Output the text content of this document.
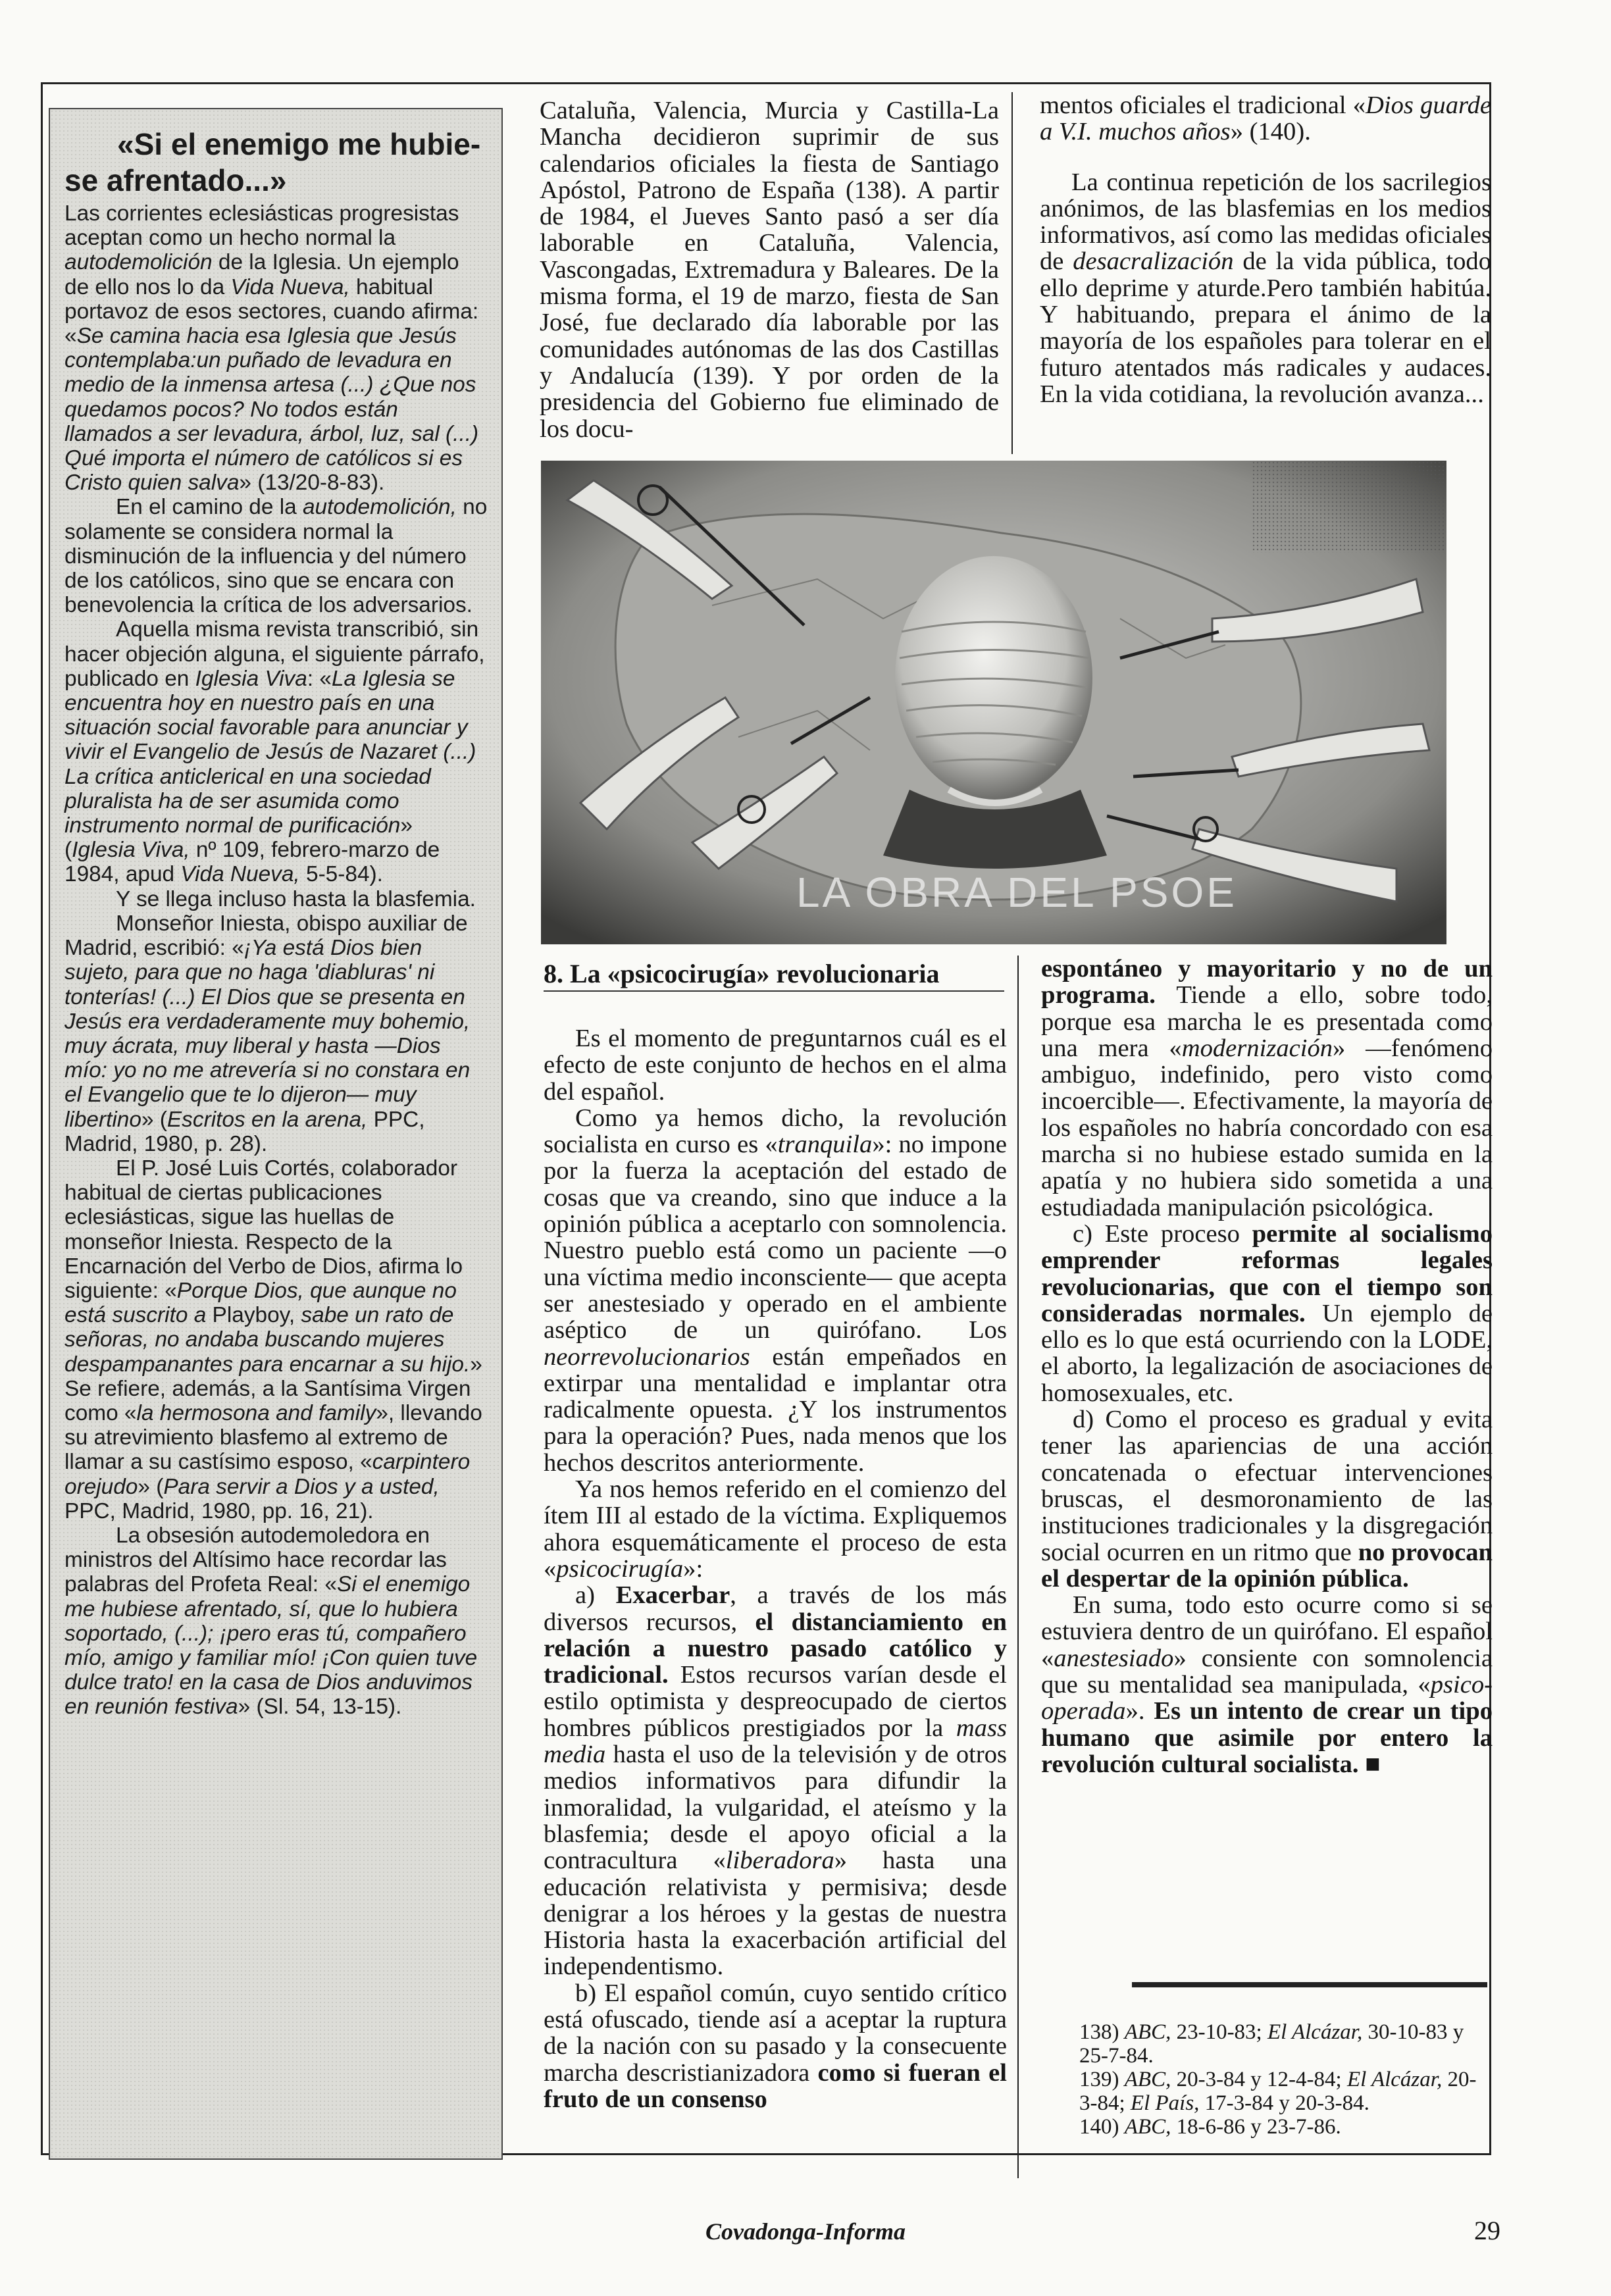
«Si el enemigo me hubie- se afrentado...»

Las corrientes eclesiásticas progresistas aceptan como un hecho normal la autodemolición de la Iglesia. Un ejemplo de ello nos lo da Vida Nueva, habitual portavoz de esos sectores, cuando afirma: «Se camina hacia esa Iglesia que Jesús contemplaba:un puñado de levadura en medio de la inmensa artesa (...) ¿Que nos quedamos pocos? No todos están llamados a ser levadura, árbol, luz, sal (...) Qué importa el número de católicos si es Cristo quien salva» (13/20-8-83).

En el camino de la autodemolición, no solamente se considera normal la disminución de la influencia y del número de los católicos, sino que se encara con benevolencia la crítica de los adversarios.

Aquella misma revista transcribió, sin hacer objeción alguna, el siguiente párrafo, publicado en Iglesia Viva: «La Iglesia se encuentra hoy en nuestro país en una situación social favorable para anunciar y vivir el Evangelio de Jesús de Nazaret (...) La crítica anticlerical en una sociedad pluralista ha de ser asumida como instrumento normal de purificación» (Iglesia Viva, nº 109, febrero-marzo de 1984, apud Vida Nueva, 5-5-84).

Y se llega incluso hasta la blasfemia.

Monseñor Iniesta, obispo auxiliar de Madrid, escribió: «¡Ya está Dios bien sujeto, para que no haga 'diabluras' ni tonterías! (...) El Dios que se presenta en Jesús era verdaderamente muy bohemio, muy ácrata, muy liberal y hasta —Dios mío: yo no me atrevería si no constara en el Evangelio que te lo dijeron— muy libertino» (Escritos en la arena, PPC, Madrid, 1980, p. 28).

El P. José Luis Cortés, colaborador habitual de ciertas publicaciones eclesiásticas, sigue las huellas de monseñor Iniesta. Respecto de la Encarnación del Verbo de Dios, afirma lo siguiente: «Porque Dios, que aunque no está suscrito a Playboy, sabe un rato de señoras, no andaba buscando mujeres despampanantes para encarnar a su hijo.» Se refiere, además, a la Santísima Virgen como «la hermosona and family», llevando su atrevimiento blasfemo al extremo de llamar a su castísimo esposo, «carpintero orejudo» (Para servir a Dios y a usted, PPC, Madrid, 1980, pp. 16, 21).

La obsesión autodemoledora en ministros del Altísimo hace recordar las palabras del Profeta Real: «Si el enemigo me hubiese afrentado, sí, que lo hubiera soportado, (...); ¡pero eras tú, compañero mío, amigo y familiar mío! ¡Con quien tuve dulce trato! en la casa de Dios anduvimos en reunión festiva» (Sl. 54, 13-15).

Cataluña, Valencia, Murcia y Castilla-La Mancha decidieron suprimir de sus calendarios oficiales la fiesta de Santiago Apóstol, Patrono de España (138). A partir de 1984, el Jueves Santo pasó a ser día laborable en Cataluña, Valencia, Vascongadas, Extremadura y Baleares. De la misma forma, el 19 de marzo, fiesta de San José, fue declarado día laborable por las comunidades autónomas de las dos Castillas y Andalucía (139). Y por orden de la presidencia del Gobierno fue eliminado de los docu-

mentos oficiales el tradicional «Dios guarde a V.I. muchos años» (140).

La continua repetición de los sacrilegios anónimos, de las blasfemias en los medios informativos, así como las medidas oficiales de desacralización de la vida pública, todo ello deprime y aturde.Pero también habitúa. Y habituando, prepara el ánimo de la mayoría de los españoles para tolerar en el futuro atentados más radicales y audaces. En la vida cotidiana, la revolución avanza...

LA OBRA DEL PSOE
8. La «psicocirugía» revolucionaria

Es el momento de preguntarnos cuál es el efecto de este conjunto de hechos en el alma del español.

Como ya hemos dicho, la revolución socialista en curso es «tranquila»: no impone por la fuerza la aceptación del estado de cosas que va creando, sino que induce a la opinión pública a aceptarlo con somnolencia. Nuestro pueblo está como un paciente —o una víctima medio inconsciente— que acepta ser anestesiado y operado en el ambiente aséptico de un quirófano. Los neorrevolucionarios están empeñados en extirpar una mentalidad e implantar otra radicalmente opuesta. ¿Y los instrumentos para la operación? Pues, nada menos que los hechos descritos anteriormente.

Ya nos hemos referido en el comienzo del ítem III al estado de la víctima. Expliquemos ahora esquemáticamente el proceso de esta «psicocirugía»:

a) Exacerbar, a través de los más diversos recursos, el distanciamiento en relación a nuestro pasado católico y tradicional. Estos recursos varían desde el estilo optimista y despreocupado de ciertos hombres públicos prestigiados por la mass media hasta el uso de la televisión y de otros medios informativos para difundir la inmoralidad, la vulgaridad, el ateísmo y la blasfemia; desde el apoyo oficial a la contracultura «liberadora» hasta una educación relativista y permisiva; desde denigrar a los héroes y la gestas de nuestra Historia hasta la exacerbación artificial del independentismo.

b) El español común, cuyo sentido crítico está ofuscado, tiende así a aceptar la ruptura de la nación con su pasado y la consecuente marcha descristianizadora como si fueran el fruto de un consenso

espontáneo y mayoritario y no de un programa. Tiende a ello, sobre todo, porque esa marcha le es presentada como una mera «modernización» —fenómeno ambiguo, indefinido, pero visto como incoercible—. Efectivamente, la mayoría de los españoles no habría concordado con esa marcha si no hubiese estado sumida en la apatía y no hubiera sido sometida a una estudiadada manipulación psicológica.

c) Este proceso permite al socialismo emprender reformas legales revolucionarias, que con el tiempo son consideradas normales. Un ejemplo de ello es lo que está ocurriendo con la LODE, el aborto, la legalización de asociaciones de homosexuales, etc.

d) Como el proceso es gradual y evita tener las apariencias de una acción concatenada o efectuar intervenciones bruscas, el desmoronamiento de las instituciones tradicionales y la disgregación social ocurren en un ritmo que no provocan el despertar de la opinión pública.

En suma, todo esto ocurre como si se estuviera dentro de un quirófano. El español «anestesiado» consiente con somnolencia que su mentalidad sea manipulada, «psico-operada». Es un intento de crear un tipo humano que asimile por entero la revolución cultural socialista. ■

138) ABC, 23-10-83; El Alcázar, 30-10-83 y 25-7-84.
139) ABC, 20-3-84 y 12-4-84; El Alcázar, 20-3-84; El País, 17-3-84 y 20-3-84.
140) ABC, 18-6-86 y 23-7-86.
Covadonga-Informa	29
